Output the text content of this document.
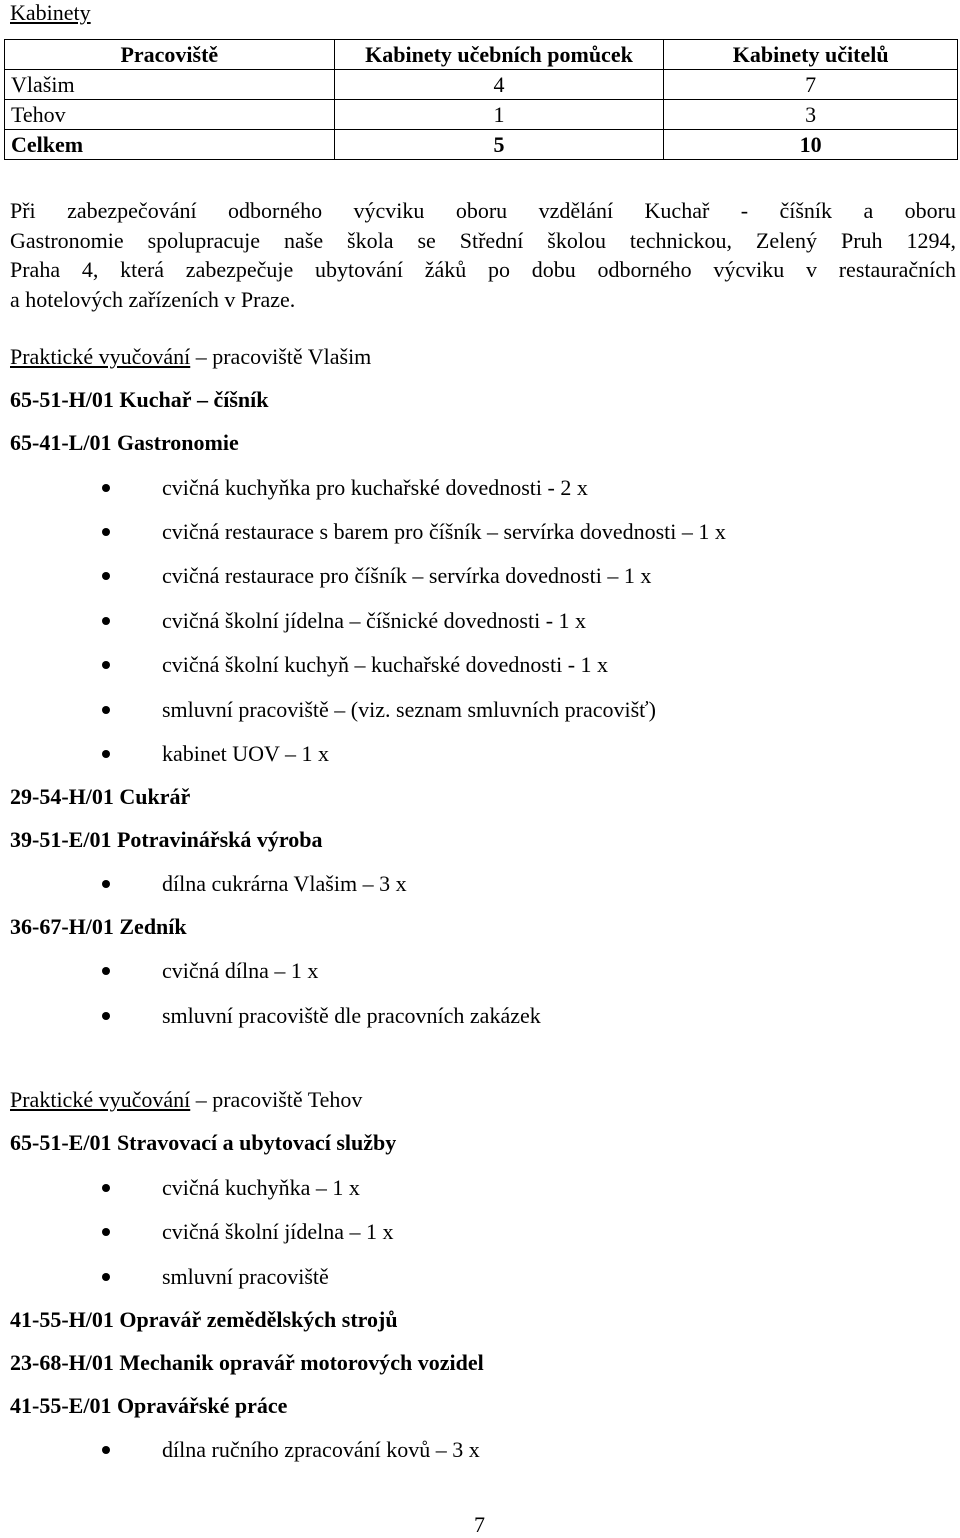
Kabinety
Pracoviště	Kabinety učebních pomůcek	Kabinety učitelů
Vlašim	4	7
Tehov	1	3
Celkem	5	10
Při zabezpečování odborného výcviku oboru vzdělání Kuchař - číšník a oboru
Gastronomie spolupracuje naše škola se Střední školou technickou, Zelený Pruh 1294,
Praha 4, která zabezpečuje ubytování žáků po dobu odborného výcviku v restauračních
a hotelových zařízeních v Praze.
Praktické vyučování – pracoviště Vlašim
65-51-H/01 Kuchař – číšník
65-41-L/01 Gastronomie
cvičná kuchyňka pro kuchařské dovednosti - 2 x
cvičná restaurace s barem pro číšník – servírka dovednosti – 1 x
cvičná restaurace pro číšník – servírka dovednosti – 1 x
cvičná školní jídelna – číšnické dovednosti - 1 x
cvičná školní kuchyň – kuchařské dovednosti - 1 x
smluvní pracoviště – (viz. seznam smluvních pracovišť)
kabinet UOV – 1 x
29-54-H/01 Cukrář
39-51-E/01 Potravinářská výroba
dílna cukrárna Vlašim – 3 x
36-67-H/01 Zedník
cvičná dílna – 1 x
smluvní pracoviště dle pracovních zakázek
Praktické vyučování – pracoviště Tehov
65-51-E/01 Stravovací a ubytovací služby
cvičná kuchyňka – 1 x
cvičná školní jídelna – 1 x
smluvní pracoviště
41-55-H/01 Opravář zemědělských strojů
23-68-H/01 Mechanik opravář motorových vozidel
41-55-E/01 Opravářské práce
dílna ručního zpracování kovů – 3 x
7
